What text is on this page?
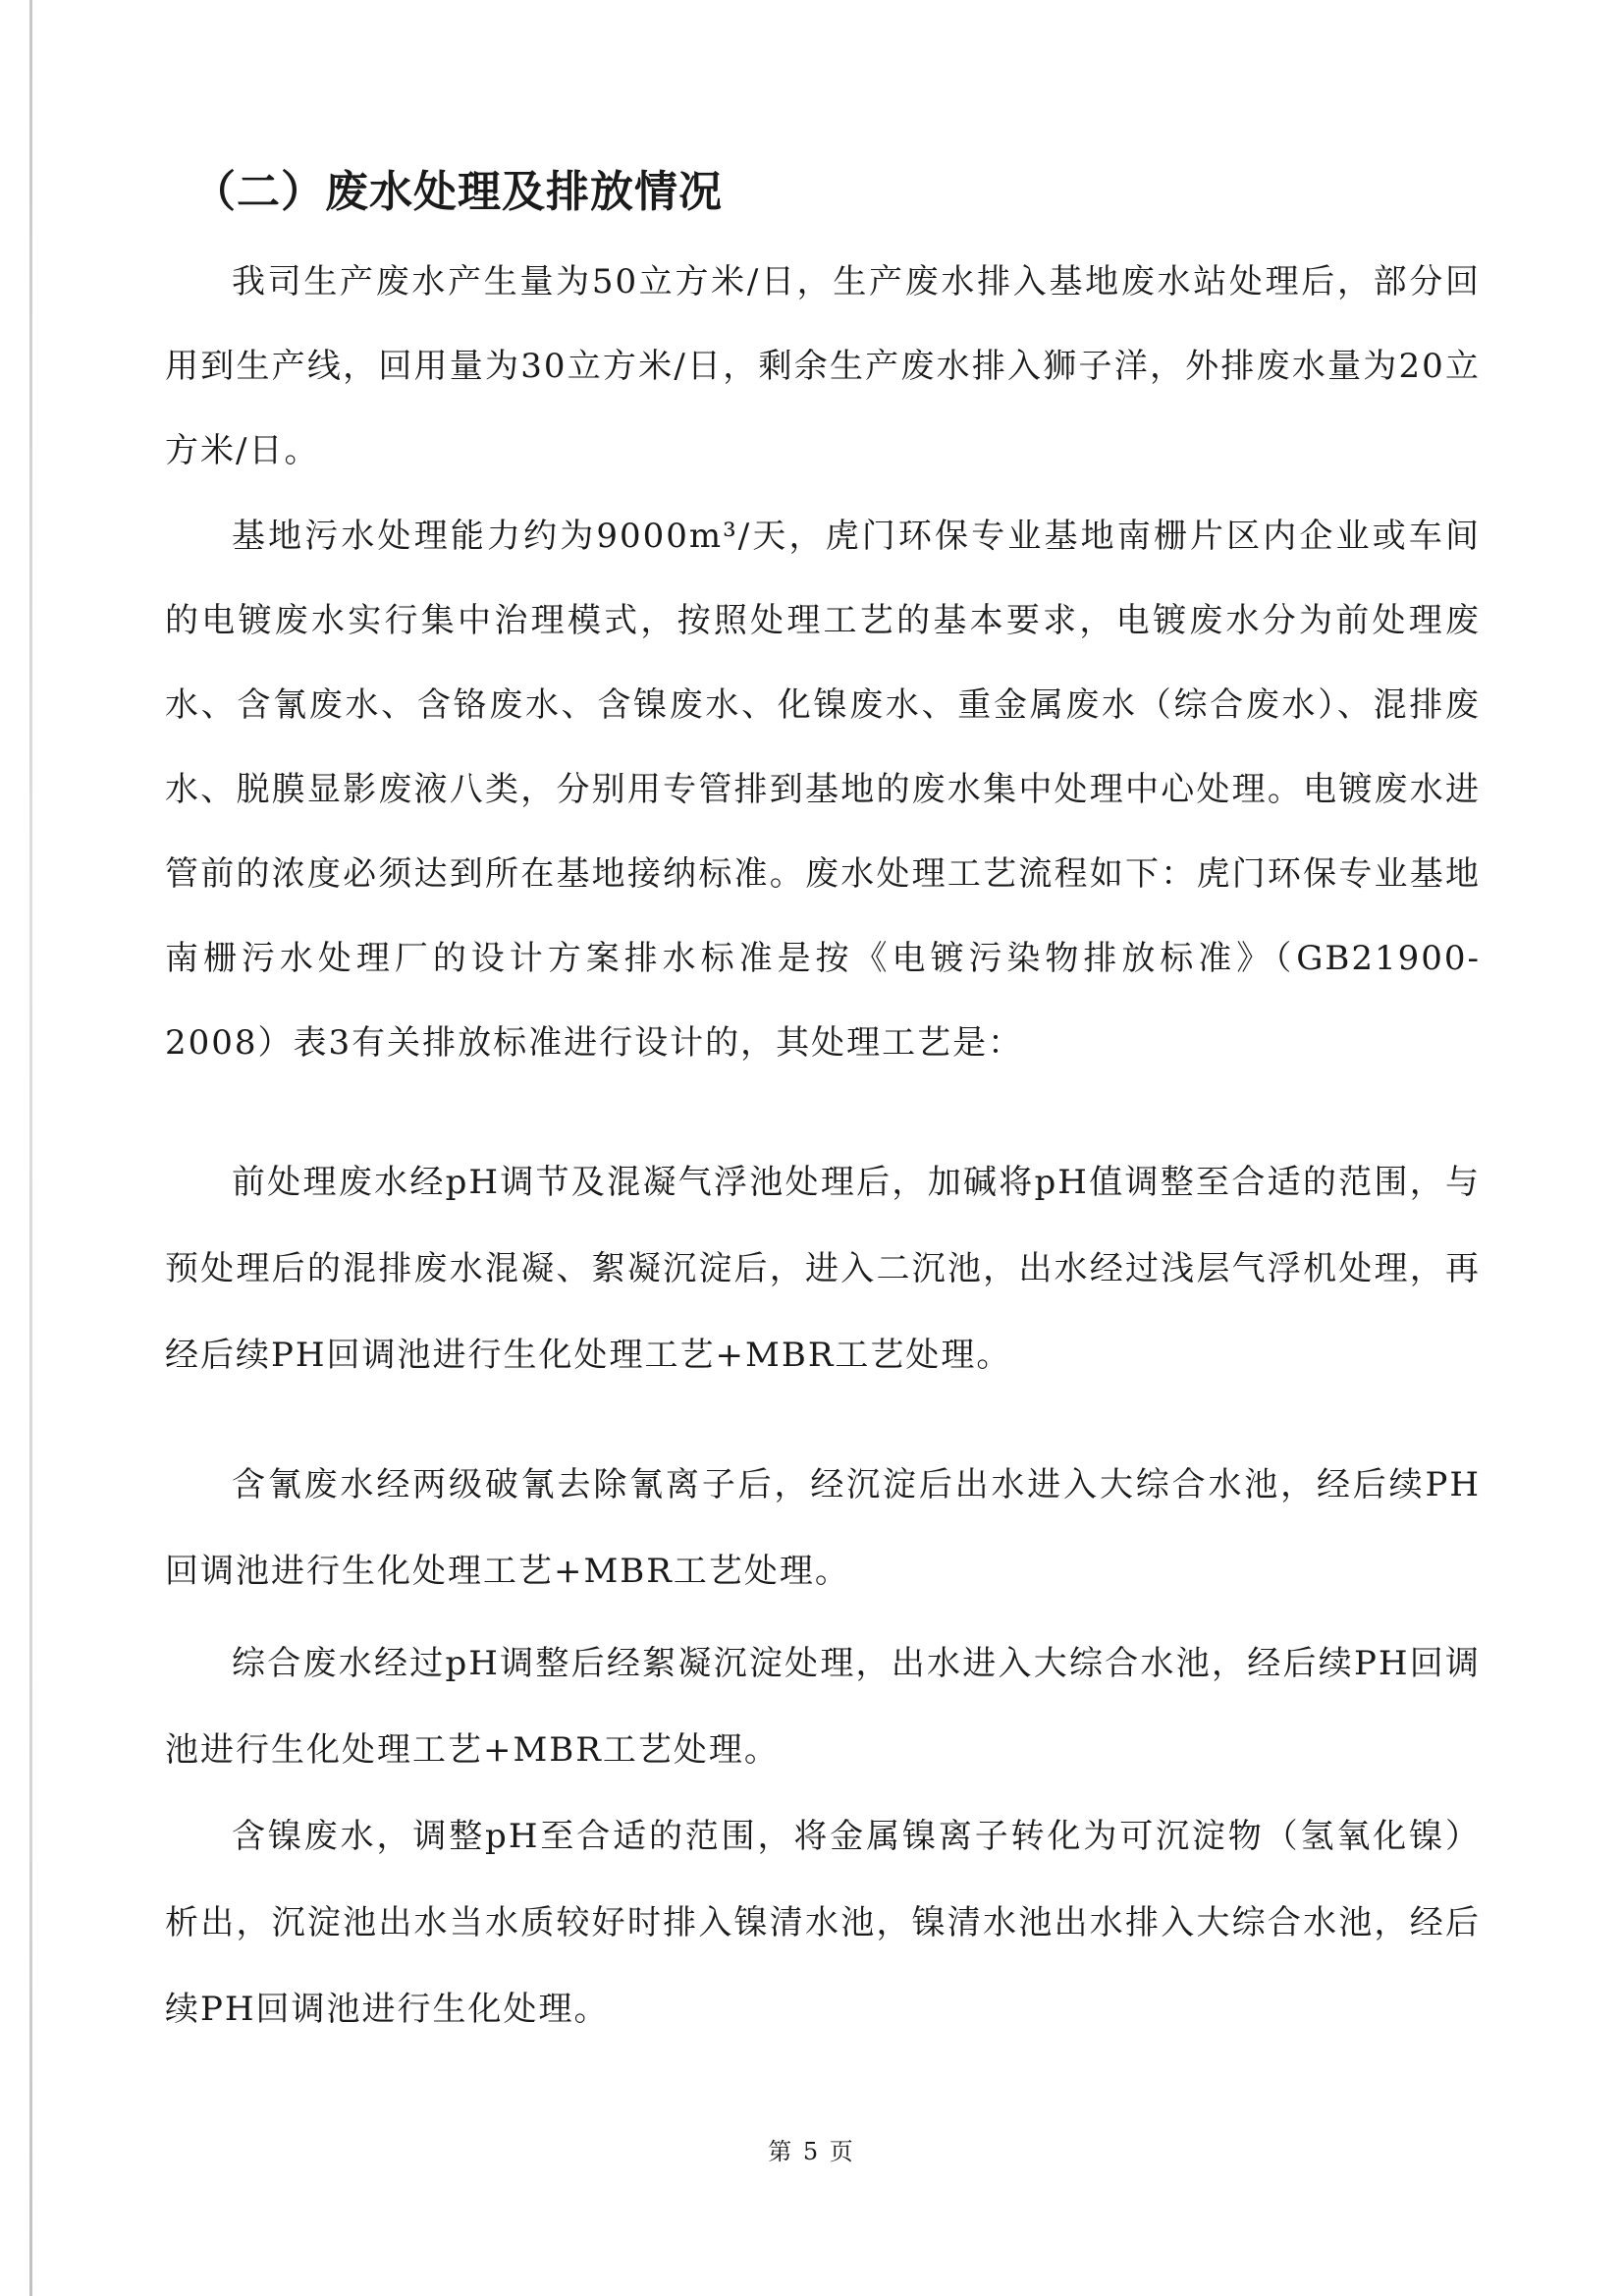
（二）废水处理及排放情况

我司生产废水产生量为50立方米/日，生产废水排入基地废水站处理后，部分回用到生产线，回用量为30立方米/日，剩余生产废水排入狮子洋，外排废水量为20立方米/日。

基地污水处理能力约为9000m³/天，虎门环保专业基地南栅片区内企业或车间的电镀废水实行集中治理模式，按照处理工艺的基本要求，电镀废水分为前处理废水、含氰废水、含铬废水、含镍废水、化镍废水、重金属废水（综合废水）、混排废水、脱膜显影废液八类，分别用专管排到基地的废水集中处理中心处理。电镀废水进管前的浓度必须达到所在基地接纳标准。废水处理工艺流程如下：虎门环保专业基地南栅污水处理厂的设计方案排水标准是按《电镀污染物排放标准》（GB21900-2008）表3有关排放标准进行设计的，其处理工艺是：

前处理废水经pH调节及混凝气浮池处理后，加碱将pH值调整至合适的范围，与预处理后的混排废水混凝、絮凝沉淀后，进入二沉池，出水经过浅层气浮机处理，再经后续PH回调池进行生化处理工艺+MBR工艺处理。

含氰废水经两级破氰去除氰离子后，经沉淀后出水进入大综合水池，经后续PH回调池进行生化处理工艺+MBR工艺处理。

综合废水经过pH调整后经絮凝沉淀处理，出水进入大综合水池，经后续PH回调池进行生化处理工艺+MBR工艺处理。

含镍废水，调整pH至合适的范围，将金属镍离子转化为可沉淀物（氢氧化镍）析出，沉淀池出水当水质较好时排入镍清水池，镍清水池出水排入大综合水池，经后续PH回调池进行生化处理。

第 5 页
